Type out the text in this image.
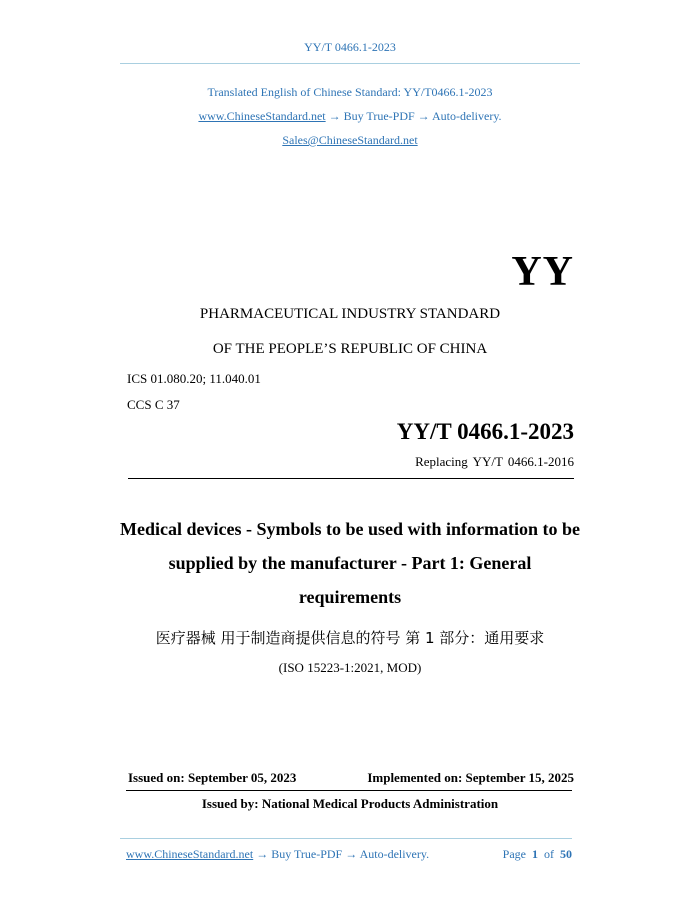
YY/T 0466.1-2023
Translated English of Chinese Standard: YY/T0466.1-2023
www.ChineseStandard.net → Buy True-PDF → Auto-delivery.
Sales@ChineseStandard.net
YY
PHARMACEUTICAL INDUSTRY STANDARD
OF THE PEOPLE’S REPUBLIC OF CHINA
ICS 01.080.20; 11.040.01
CCS C 37
YY/T 0466.1-2023
Replacing YY/T 0466.1-2016
Medical devices - Symbols to be used with information to be
supplied by the manufacturer - Part 1: General
requirements
医疗器械 用于制造商提供信息的符号 第 1 部分：通用要求
(ISO 15223-1:2021, MOD)
Issued on: September 05, 2023	Implemented on: September 15, 2025
Issued by: National Medical Products Administration
www.ChineseStandard.net → Buy True-PDF → Auto-delivery.	Page 1 of 50
